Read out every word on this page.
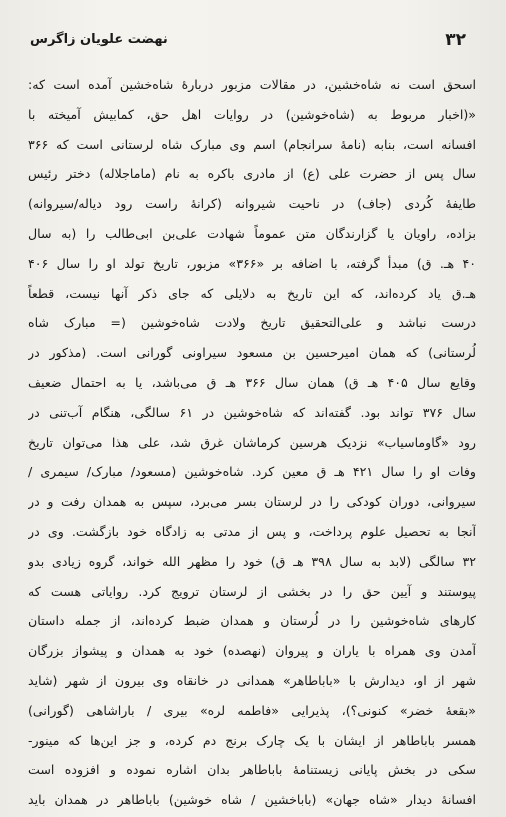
۳۲
نهضت علویان زاگرس
اسحق است نه شاه‌خشین، در مقالات مزبور دربارۀ شاه‌خشین آمده است که:
«(اخبار مربوط به (شاه‌خوشین) در روایات اهل حق، کمابیش آمیخته با
افسانه است، بنابه (نامۀ سرانجام) اسم وی مبارک شاه لرستانی است که ۳۶۶
سال پس از حضرت علی (ع) از مادری باکره به نام (ماماجلاله) دختر رئیس
طایفۀ کُردی (جاف) در ناحیت شیروانه (کرانۀ راست رود دیاله/سیروانه)
بزاده، راویان یا گزارندگان متن عموماً شهادت علی‌بن ابی‌طالب را (به سال
۴۰ هـ. ق) مبدأ گرفته، با اضافه بر «۳۶۶» مزبور، تاریخ تولد او را سال ۴۰۶
هـ.ق یاد کرده‌اند، که این تاریخ به دلایلی که جای ذکر آنها نیست، قطعاً
درست نباشد و علی‌التحقیق تاریخ ولادت شاه‌خوشین (= مبارک شاه
لُرستانی) که همان امیرحسین بن مسعود سیراونی گورانی است. (مذکور در
وقایع سال ۴۰۵ هـ ق) همان سال ۳۶۶ هـ ق می‌باشد، یا به احتمال ضعیف
سال ۳۷۶ تواند بود. گفته‌اند که شاه‌خوشین در ۶۱ سالگی، هنگام آب‌تنی در
رود «گاوماسیاب» نزدیک هرسین کرماشان غرق شد، علی هذا می‌توان تاریخ
وفات او را سال ۴۲۱ هـ ق معین کرد. شاه‌خوشین (مسعود/ مبارک/ سیمری /
سیروانی، دوران کودکی را در لرستان بسر می‌برد، سپس به همدان رفت و در
آنجا به تحصیل علوم پرداخت، و پس از مدتی به زادگاه خود بازگشت. وی در
۳۲ سالگی (لابد به سال ۳۹۸ هـ ق) خود را مظهر الله خواند، گروه زیادی بدو
پیوستند و آیین حق را در بخشی از لرستان ترویج کرد. روایاتی هست که
کارهای شاه‌خوشین را در لُرستان و همدان ضبط کرده‌اند، از جمله داستان
آمدن وی همراه با یاران و پیروان (نهصده) خود به همدان و پیشواز بزرگان
شهر از او، دیدارش با «باباطاهر» همدانی در خانقاه وی بیرون از شهر (شاید
«بقعۀ خضر» کنونی؟)، پذیرایی «فاطمه لره» بیری / باراشاهی (گورانی)
همسر باباطاهر از ایشان با یک چارک برنج دم کرده، و جز این‌ها که مینور-
سکی در بخش پایانی زیستنامۀ باباطاهر بدان اشاره نموده و افزوده است
افسانۀ دیدار «شاه جهان» (باباخشین / شاه خوشین) باباطاهر در همدان باید
